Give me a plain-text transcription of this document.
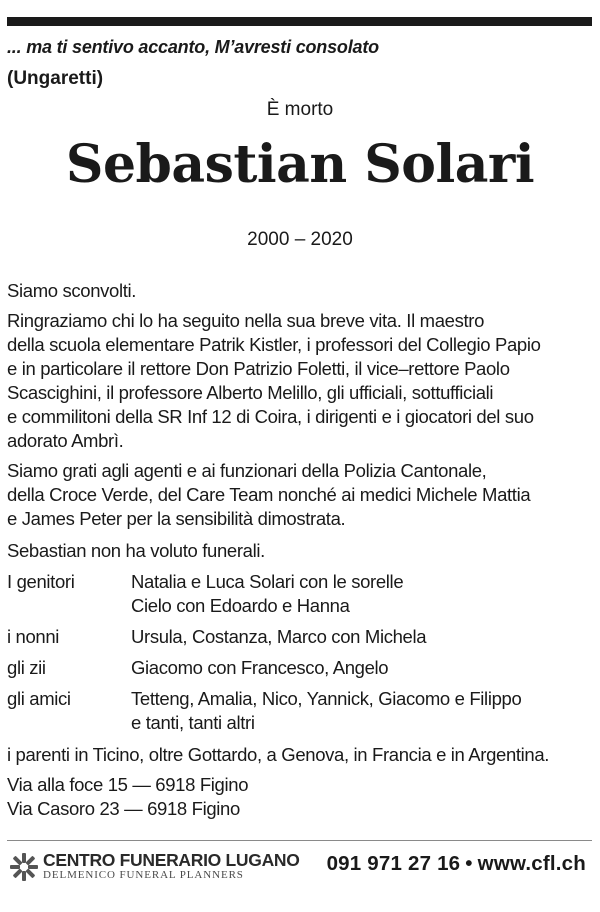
... ma ti sentivo accanto, M’avresti consolato
(Ungaretti)
È morto
Sebastian Solari
2000 – 2020
Siamo sconvolti.
Ringraziamo chi lo ha seguito nella sua breve vita. Il maestro
della scuola elementare Patrik Kistler, i professori del Collegio Papio
e in particolare il rettore Don Patrizio Foletti, il vice–rettore Paolo
Scascighini, il professore Alberto Melillo, gli ufficiali, sottufficiali
e commilitoni della SR Inf 12 di Coira, i dirigenti e i giocatori del suo
adorato Ambrì.
Siamo grati agli agenti e ai funzionari della Polizia Cantonale,
della Croce Verde, del Care Team nonché ai medici Michele Mattia
e James Peter per la sensibilità dimostrata.
Sebastian non ha voluto funerali.
I genitori	Natalia e Luca Solari con le sorelle
Cielo con Edoardo e Hanna
i nonni	Ursula, Costanza, Marco con Michela
gli zii	Giacomo con Francesco, Angelo
gli amici	Tetteng, Amalia, Nico, Yannick, Giacomo e Filippo
e tanti, tanti altri
i parenti in Ticino, oltre Gottardo, a Genova, in Francia e in Argentina.
Via alla foce 15 — 6918 Figino
Via Casoro 23 — 6918 Figino
CENTRO FUNERARIO LUGANO
DELMENICO FUNERAL PLANNERS	091 971 27 16 • www.cfl.ch
